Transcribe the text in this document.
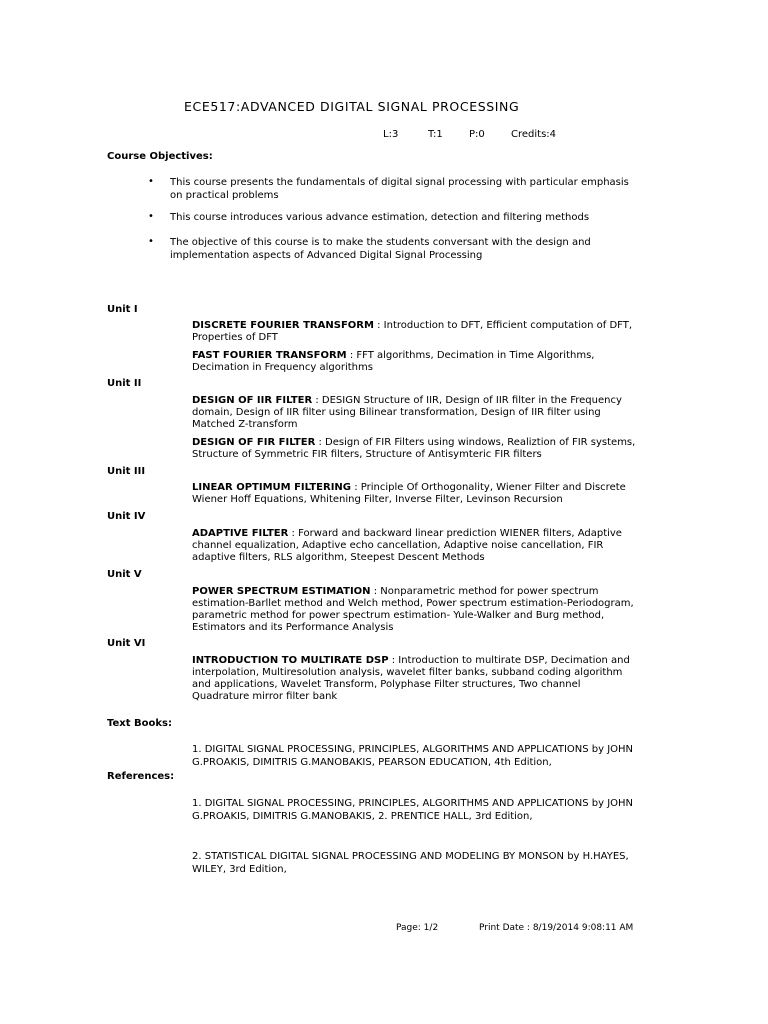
ECE517:ADVANCED DIGITAL SIGNAL PROCESSING
L:3	T:1	P:0	Credits:4
Course Objectives:
• This course presents the fundamentals of digital signal processing with particular emphasis on practical problems
• This course introduces various advance estimation, detection and filtering methods
• The objective of this course is to make the students conversant with the design and implementation aspects of Advanced Digital Signal Processing
Unit I
DISCRETE FOURIER TRANSFORM : Introduction to DFT, Efficient computation of DFT, Properties of DFT
FAST FOURIER TRANSFORM : FFT algorithms, Decimation in Time Algorithms, Decimation in Frequency algorithms
Unit II
DESIGN OF IIR FILTER : DESIGN Structure of IIR, Design of IIR filter in the Frequency domain, Design of IIR filter using Bilinear transformation, Design of IIR filter using Matched Z-transform
DESIGN OF FIR FILTER : Design of FIR Filters using windows, Realiztion of FIR systems, Structure of Symmetric FIR filters, Structure of Antisymteric FIR filters
Unit III
LINEAR OPTIMUM FILTERING : Principle Of Orthogonality, Wiener Filter and Discrete Wiener Hoff Equations, Whitening Filter, Inverse Filter, Levinson Recursion
Unit IV
ADAPTIVE FILTER : Forward and backward linear prediction WIENER filters, Adaptive channel equalization, Adaptive echo cancellation, Adaptive noise cancellation, FIR adaptive filters, RLS algorithm, Steepest Descent Methods
Unit V
POWER SPECTRUM ESTIMATION : Nonparametric method for power spectrum estimation-Barllet method and Welch method, Power spectrum estimation-Periodogram, parametric method for power spectrum estimation- Yule-Walker and Burg method, Estimators and its Performance Analysis
Unit VI
INTRODUCTION TO MULTIRATE DSP : Introduction to multirate DSP, Decimation and interpolation, Multiresolution analysis, wavelet filter banks, subband coding algorithm and applications, Wavelet Transform, Polyphase Filter structures, Two channel Quadrature mirror filter bank
Text Books:
1. DIGITAL SIGNAL PROCESSING, PRINCIPLES, ALGORITHMS AND APPLICATIONS by JOHN G.PROAKIS, DIMITRIS G.MANOBAKIS, PEARSON EDUCATION, 4th Edition,
References:
1. DIGITAL SIGNAL PROCESSING, PRINCIPLES, ALGORITHMS AND APPLICATIONS by JOHN G.PROAKIS, DIMITRIS G.MANOBAKIS, 2. PRENTICE HALL, 3rd Edition,
2. STATISTICAL DIGITAL SIGNAL PROCESSING AND MODELING BY MONSON by H.HAYES, WILEY, 3rd Edition,
Page: 1/2	Print Date : 8/19/2014 9:08:11 AM
